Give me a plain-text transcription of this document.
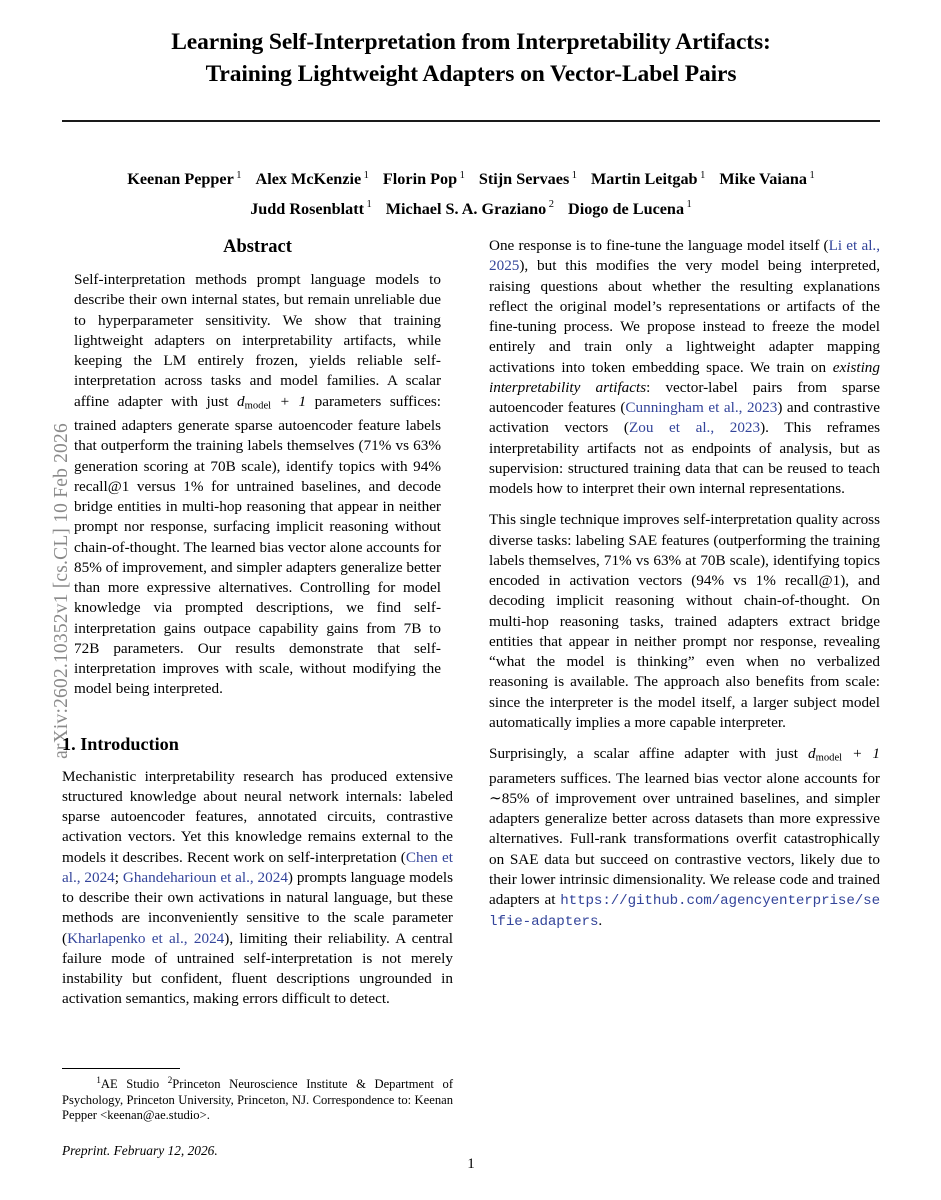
arXiv:2602.10352v1 [cs.CL] 10 Feb 2026
Learning Self-Interpretation from Interpretability Artifacts:
Training Lightweight Adapters on Vector-Label Pairs
Keenan Pepper $^1$ Alex McKenzie $^1$ Florin Pop $^1$ Stijn Servaes $^1$ Martin Leitgab $^1$ Mike Vaiana $^1$
Judd Rosenblatt $^1$ Michael S. A. Graziano $^2$ Diogo de Lucena $^1$
Abstract
Self-interpretation methods prompt language models to describe their own internal states, but remain unreliable due to hyperparameter sensitivity. We show that training lightweight adapters on interpretability artifacts, while keeping the LM entirely frozen, yields reliable self-interpretation across tasks and model families. A scalar affine adapter with just $d_{model} + 1$ parameters suffices: trained adapters generate sparse autoencoder feature labels that outperform the training labels themselves (71% vs 63% generation scoring at 70B scale), identify topics with 94% recall@1 versus 1% for untrained baselines, and decode bridge entities in multi-hop reasoning that appear in neither prompt nor response, surfacing implicit reasoning without chain-of-thought. The learned bias vector alone accounts for 85% of improvement, and simpler adapters generalize better than more expressive alternatives. Controlling for model knowledge via prompted descriptions, we find self-interpretation gains outpace capability gains from 7B to 72B parameters. Our results demonstrate that self-interpretation improves with scale, without modifying the model being interpreted.
1. Introduction

Mechanistic interpretability research has produced extensive structured knowledge about neural network internals: labeled sparse autoencoder features, annotated circuits, contrastive activation vectors. Yet this knowledge remains external to the models it describes. Recent work on self-interpretation (Chen et al., 2024; Ghandeharioun et al., 2024) prompts language models to describe their own activations in natural language, but these methods are inconveniently sensitive to the scale parameter (Kharlapenko et al., 2024), limiting their reliability. A central failure mode of untrained self-interpretation is not merely instability but confident, fluent descriptions ungrounded in activation semantics, making errors difficult to detect.

One response is to fine-tune the language model itself (Li et al., 2025), but this modifies the very model being interpreted, raising questions about whether the resulting explanations reflect the original model’s representations or artifacts of the fine-tuning process. We propose instead to freeze the model entirely and train only a lightweight adapter mapping activations into token embedding space. We train on existing interpretability artifacts: vector-label pairs from sparse autoencoder features (Cunningham et al., 2023) and contrastive activation vectors (Zou et al., 2023). This reframes interpretability artifacts not as endpoints of analysis, but as supervision: structured training data that can be reused to teach models how to interpret their own internal representations.

This single technique improves self-interpretation quality across diverse tasks: labeling SAE features (outperforming the training labels themselves, 71% vs 63% at 70B scale), identifying topics encoded in activation vectors (94% vs 1% recall@1), and decoding implicit reasoning without chain-of-thought. On multi-hop reasoning tasks, trained adapters extract bridge entities that appear in neither prompt nor response, revealing “what the model is thinking” even when no verbalized reasoning is available. The approach also benefits from scale: since the interpreter is the model itself, a larger subject model automatically implies a more capable interpreter.

Surprisingly, a scalar affine adapter with just $d_{model} + 1$ parameters suffices. The learned bias vector alone accounts for ∼85% of improvement over untrained baselines, and simpler adapters generalize better across datasets than more expressive alternatives. Full-rank transformations overfit catastrophically on SAE data but succeed on contrastive vectors, likely due to their lower intrinsic dimensionality. We release code and trained adapters at https://github.com/agencyenterprise/selfie-adapters.

$^1$AE Studio $^2$Princeton Neuroscience Institute & Department of Psychology, Princeton University, Princeton, NJ. Correspondence to: Keenan Pepper <keenan@ae.studio>.

Preprint. February 12, 2026.

1
